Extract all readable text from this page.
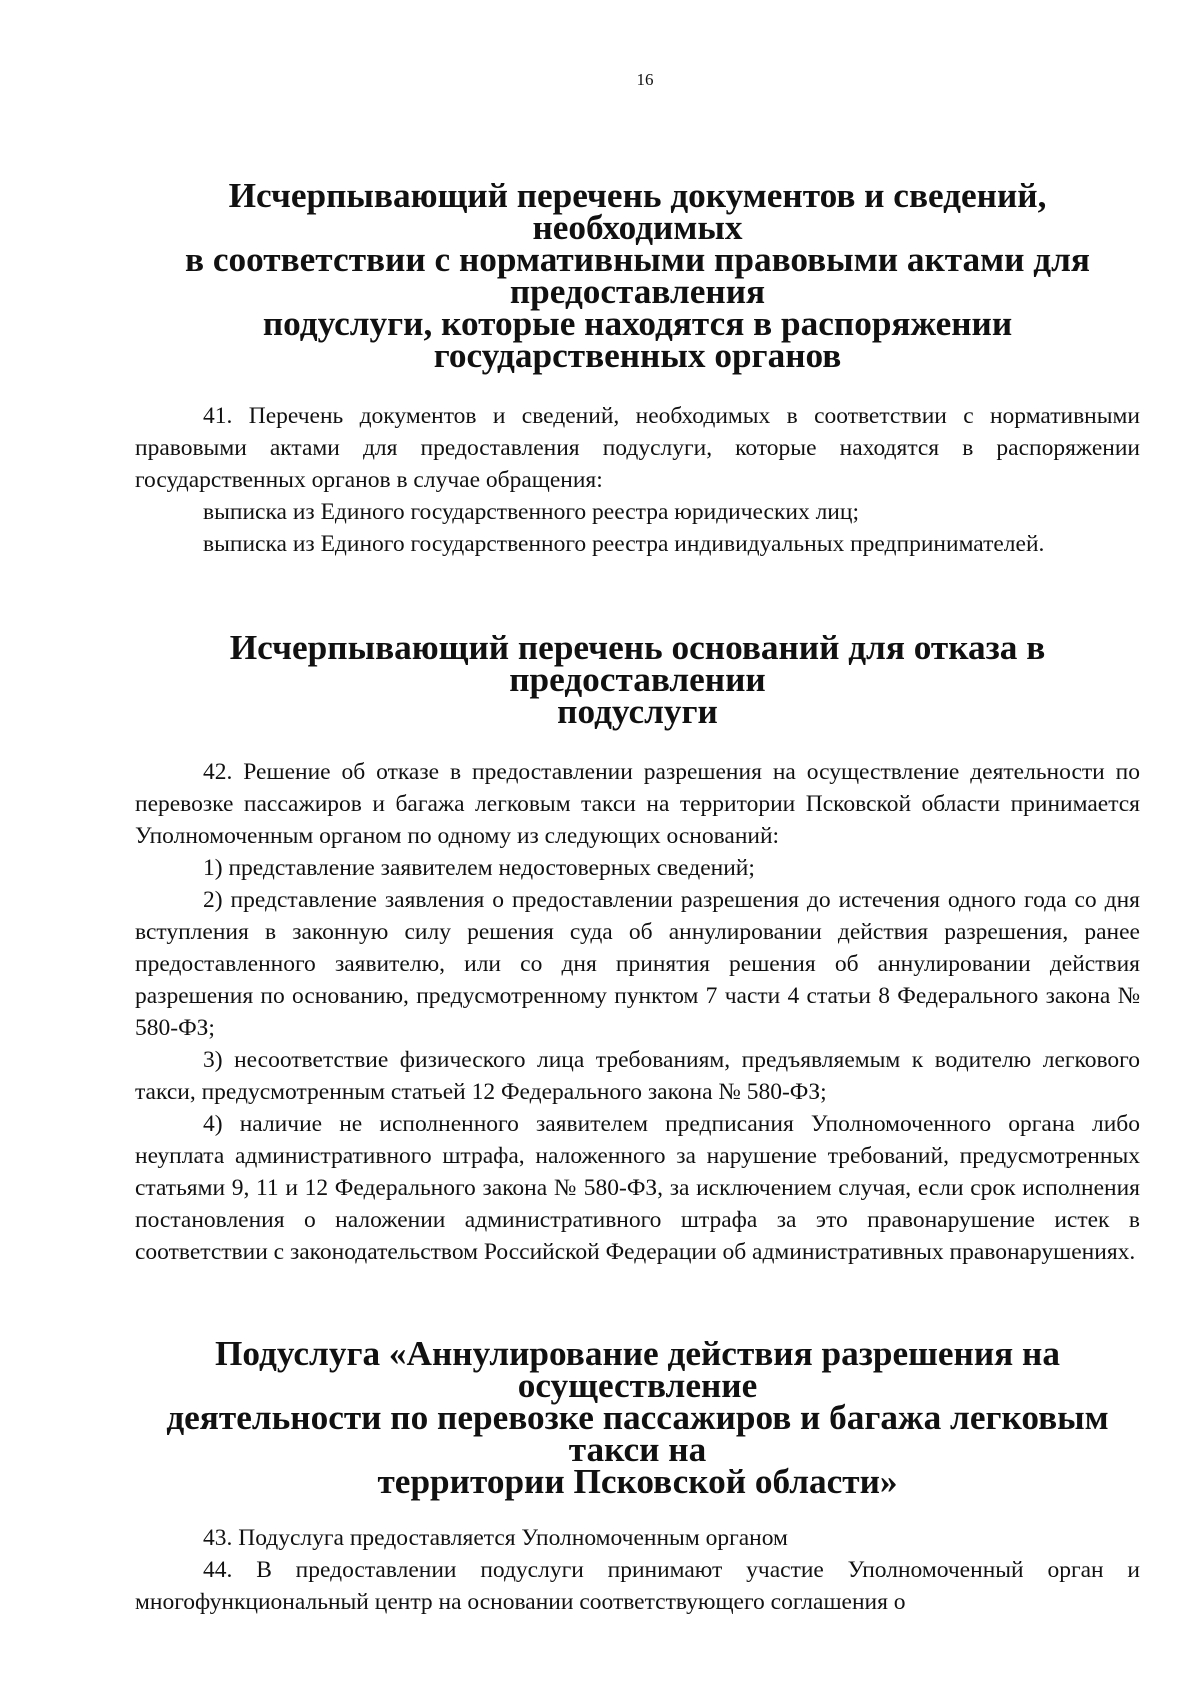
16
Исчерпывающий перечень документов и сведений, необходимых
в соответствии с нормативными правовыми актами для предоставления
подуслуги, которые находятся в распоряжении государственных органов

41. Перечень документов и сведений, необходимых в соответствии с нормативными правовыми актами для предоставления подуслуги, которые находятся в распоряжении государственных органов в случае обращения:

выписка из Единого государственного реестра юридических лиц;

выписка из Единого государственного реестра индивидуальных предпринимателей.

Исчерпывающий перечень оснований для отказа в предоставлении
подуслуги

42. Решение об отказе в предоставлении разрешения на осуществление деятельности по перевозке пассажиров и багажа легковым такси на территории Псковской области принимается Уполномоченным органом по одному из следующих оснований:

1) представление заявителем недостоверных сведений;

2) представление заявления о предоставлении разрешения до истечения одного года со дня вступления в законную силу решения суда об аннулировании действия разрешения, ранее предоставленного заявителю, или со дня принятия решения об аннулировании действия разрешения по основанию, предусмотренному пунктом 7 части 4 статьи 8 Федерального закона № 580-ФЗ;

3) несоответствие физического лица требованиям, предъявляемым к водителю легкового такси, предусмотренным статьей 12 Федерального закона № 580-ФЗ;

4) наличие не исполненного заявителем предписания Уполномоченного органа либо неуплата административного штрафа, наложенного за нарушение требований, предусмотренных статьями 9, 11 и 12 Федерального закона № 580-ФЗ, за исключением случая, если срок исполнения постановления о наложении административного штрафа за это правонарушение истек в соответствии с законодательством Российской Федерации об административных правонарушениях.

Подуслуга «Аннулирование действия разрешения на осуществление
деятельности по перевозке пассажиров и багажа легковым такси на
территории Псковской области»

43. Подуслуга предоставляется Уполномоченным органом

44. В предоставлении подуслуги принимают участие Уполномоченный орган и многофункциональный центр на основании соответствующего соглашения о
